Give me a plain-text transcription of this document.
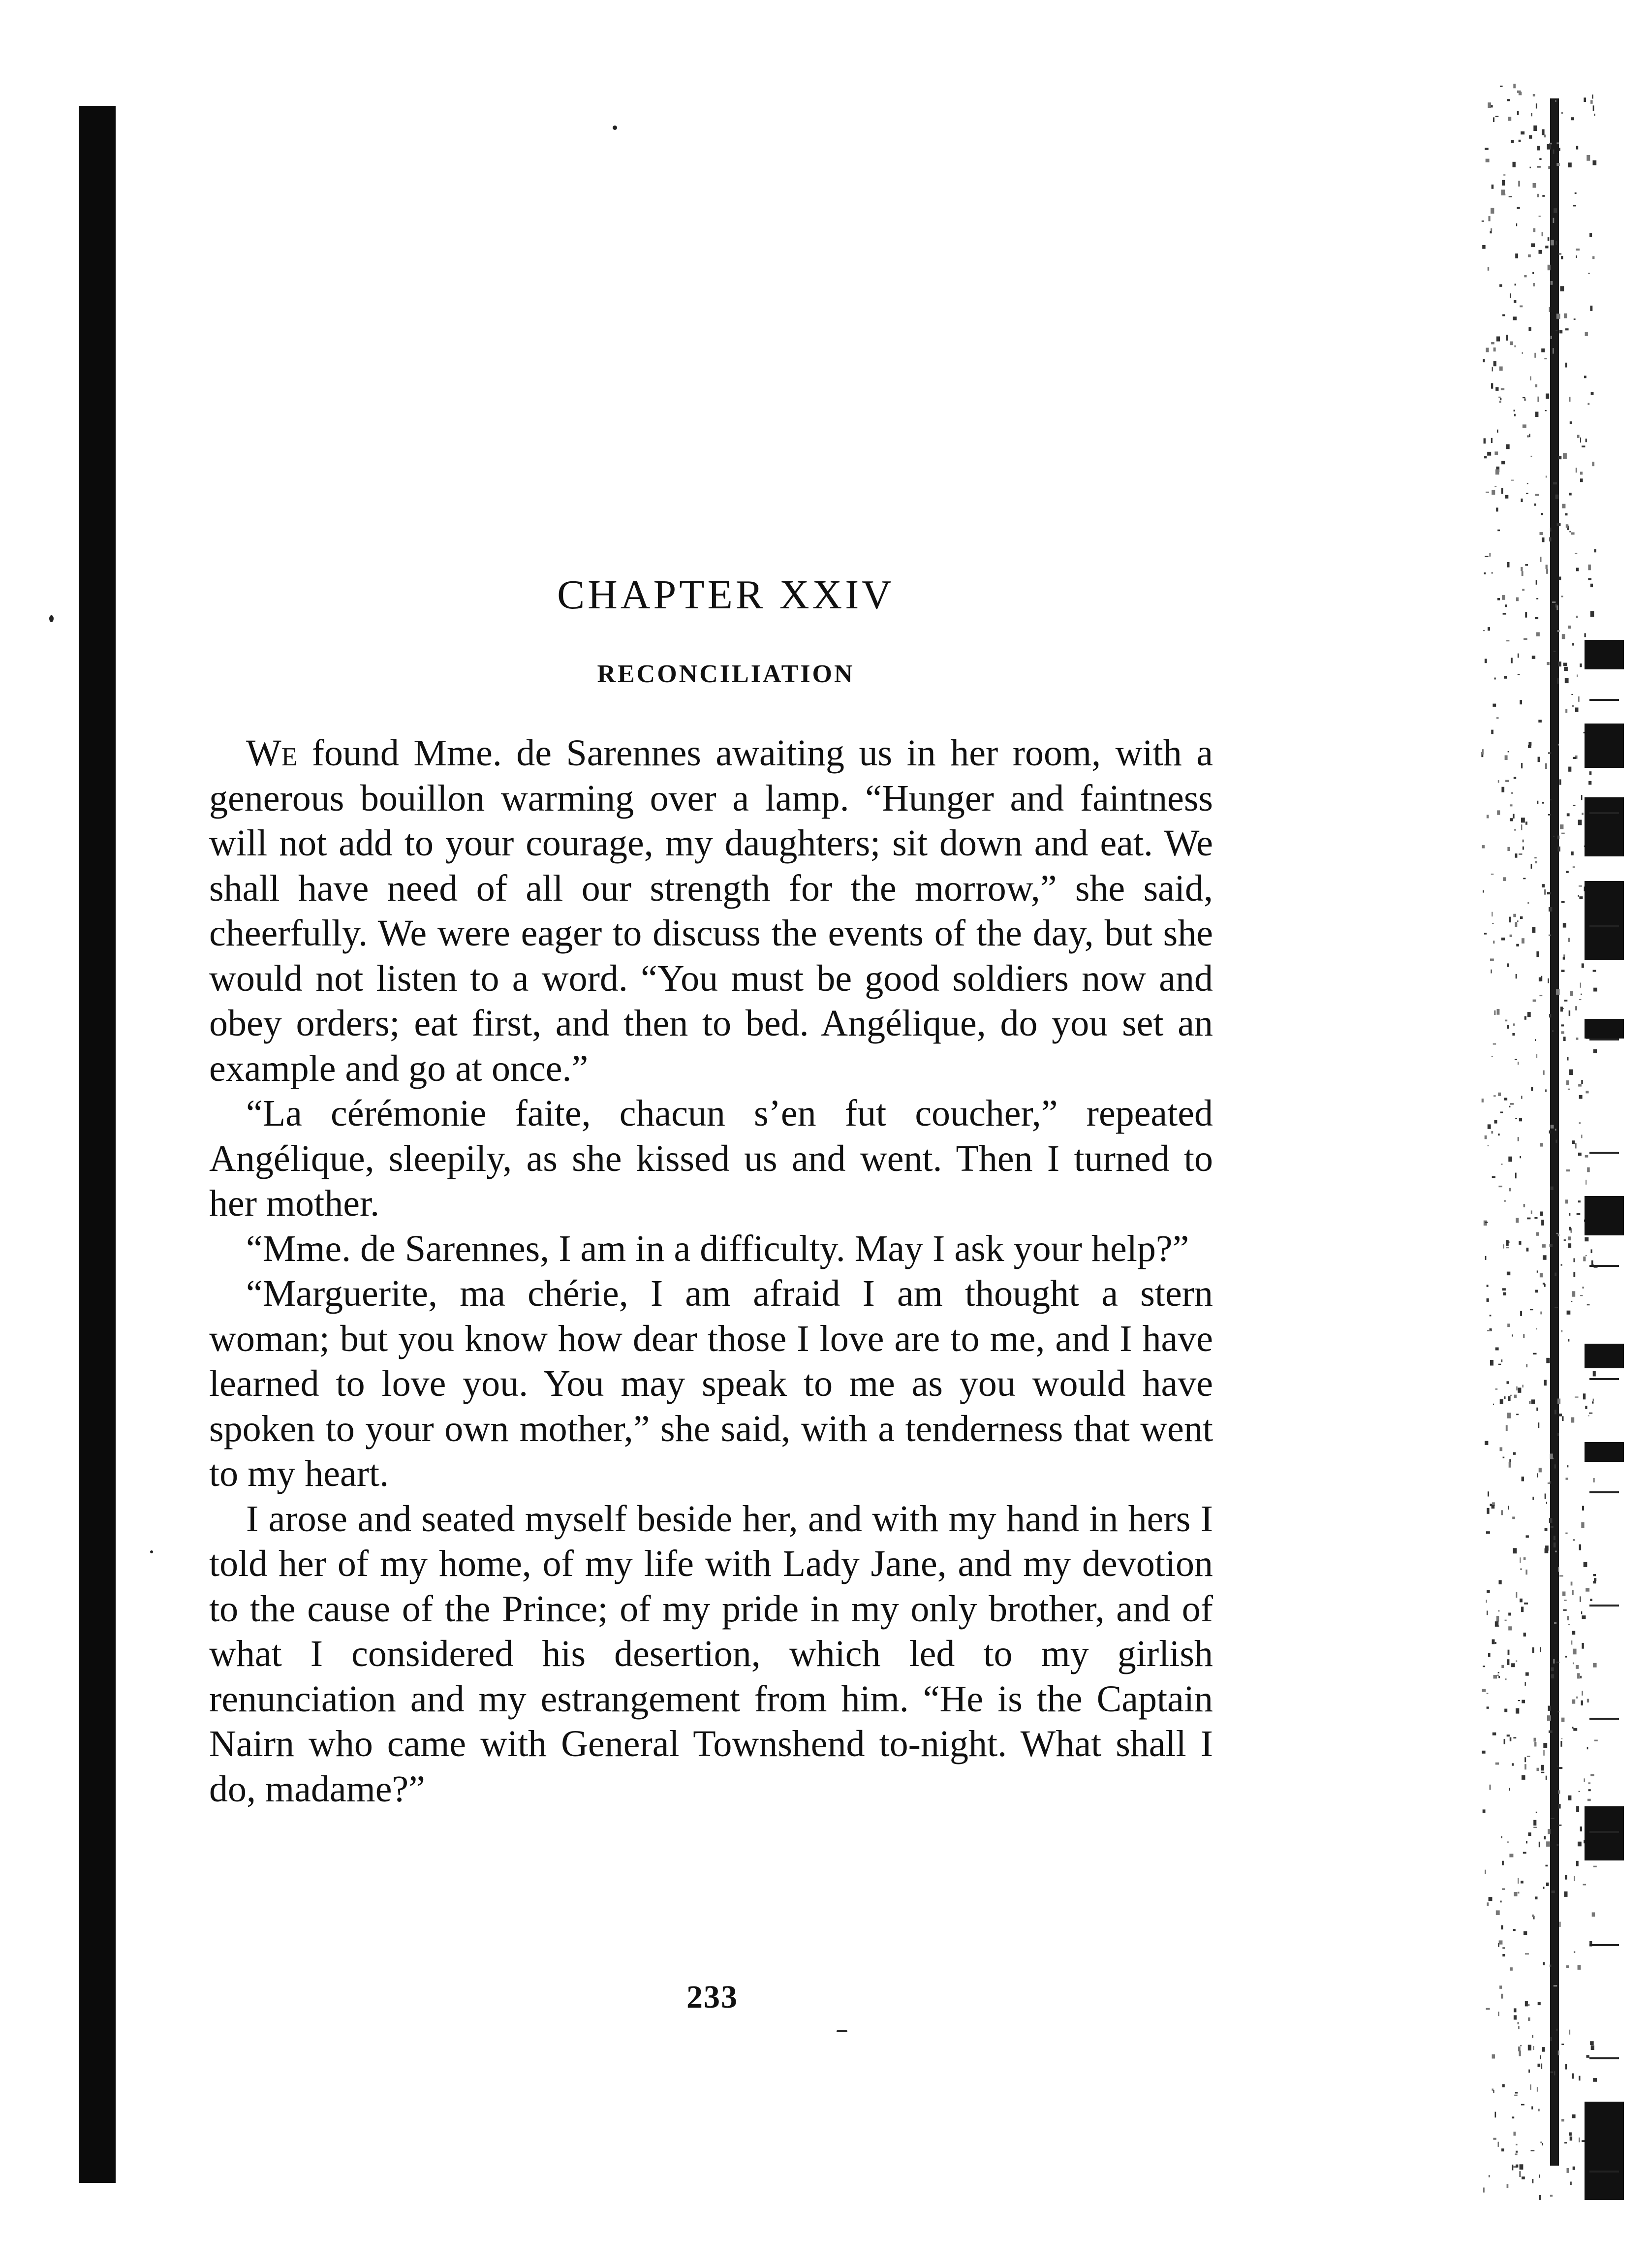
CHAPTER XXIV
RECONCILIATION

We found Mme. de Sarennes awaiting us in her room, with a generous bouillon warming over a lamp. “Hunger and faintness will not add to your courage, my daughters; sit down and eat. We shall have need of all our strength for the morrow,” she said, cheerfully. We were eager to discuss the events of the day, but she would not listen to a word. “You must be good soldiers now and obey orders; eat first, and then to bed. Angélique, do you set an example and go at once.”

“La cérémonie faite, chacun s’en fut coucher,” repeated Angélique, sleepily, as she kissed us and went. Then I turned to her mother.

“Mme. de Sarennes, I am in a difficulty. May I ask your help?”

“Marguerite, ma chérie, I am afraid I am thought a stern woman; but you know how dear those I love are to me, and I have learned to love you. You may speak to me as you would have spoken to your own mother,” she said, with a tenderness that went to my heart.

I arose and seated myself beside her, and with my hand in hers I told her of my home, of my life with Lady Jane, and my devotion to the cause of the Prince; of my pride in my only brother, and of what I considered his desertion, which led to my girlish renunciation and my estrangement from him. “He is the Captain Nairn who came with General Townshend to-night. What shall I do, madame?”

233
